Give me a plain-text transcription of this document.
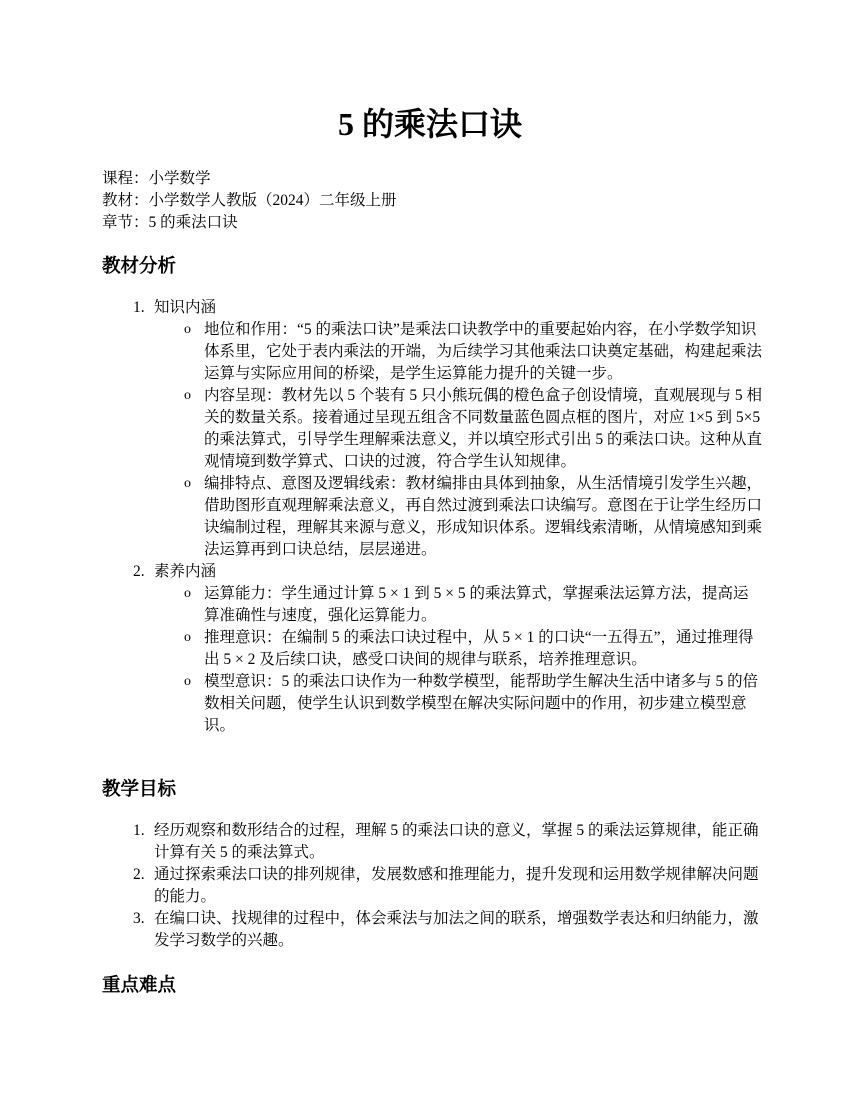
5 的乘法口诀
课程：小学数学
教材：小学数学人教版（2024）二年级上册
章节：5 的乘法口诀
教材分析
1. 知识内涵
o 地位和作用：“5 的乘法口诀”是乘法口诀教学中的重要起始内容，在小学数学知识体系里，它处于表内乘法的开端，为后续学习其他乘法口诀奠定基础，构建起乘法运算与实际应用间的桥梁，是学生运算能力提升的关键一步。
o 内容呈现：教材先以 5 个装有 5 只小熊玩偶的橙色盒子创设情境，直观展现与 5 相关的数量关系。接着通过呈现五组含不同数量蓝色圆点框的图片，对应 1×5 到 5×5 的乘法算式，引导学生理解乘法意义，并以填空形式引出 5 的乘法口诀。这种从直观情境到数学算式、口诀的过渡，符合学生认知规律。
o 编排特点、意图及逻辑线索：教材编排由具体到抽象，从生活情境引发学生兴趣，借助图形直观理解乘法意义，再自然过渡到乘法口诀编写。意图在于让学生经历口诀编制过程，理解其来源与意义，形成知识体系。逻辑线索清晰，从情境感知到乘法运算再到口诀总结，层层递进。
2. 素养内涵
o 运算能力：学生通过计算 5 × 1 到 5 × 5 的乘法算式，掌握乘法运算方法，提高运算准确性与速度，强化运算能力。
o 推理意识：在编制 5 的乘法口诀过程中，从 5 × 1 的口诀“一五得五”，通过推理得出 5 × 2 及后续口诀，感受口诀间的规律与联系，培养推理意识。
o 模型意识：5 的乘法口诀作为一种数学模型，能帮助学生解决生活中诸多与 5 的倍数相关问题，使学生认识到数学模型在解决实际问题中的作用，初步建立模型意识。
教学目标
1. 经历观察和数形结合的过程，理解 5 的乘法口诀的意义，掌握 5 的乘法运算规律，能正确计算有关 5 的乘法算式。
2. 通过探索乘法口诀的排列规律，发展数感和推理能力，提升发现和运用数学规律解决问题的能力。
3. 在编口诀、找规律的过程中，体会乘法与加法之间的联系，增强数学表达和归纳能力，激发学习数学的兴趣。
重点难点
